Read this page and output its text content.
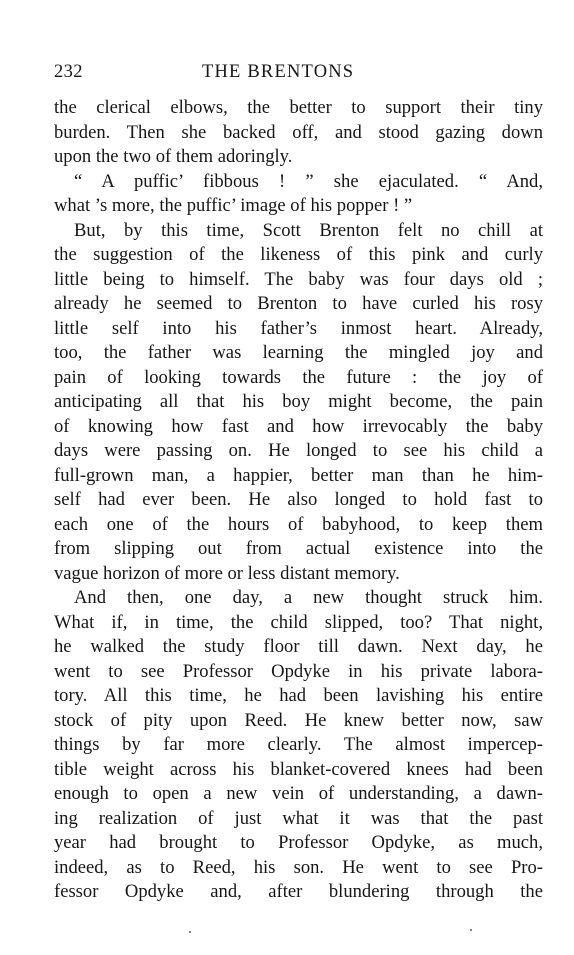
232	THE BRENTONS
the clerical elbows, the better to support their tiny
burden. Then she backed off, and stood gazing down
upon the two of them adoringly.
“ A puffic’ fibbous ! ” she ejaculated. “ And,
what ’s more, the puffic’ image of his popper ! ”
But, by this time, Scott Brenton felt no chill at
the suggestion of the likeness of this pink and curly
little being to himself. The baby was four days old ;
already he seemed to Brenton to have curled his rosy
little self into his father’s inmost heart. Already,
too, the father was learning the mingled joy and
pain of looking towards the future : the joy of
anticipating all that his boy might become, the pain
of knowing how fast and how irrevocably the baby
days were passing on. He longed to see his child a
full-grown man, a happier, better man than he him-
self had ever been. He also longed to hold fast to
each one of the hours of babyhood, to keep them
from slipping out from actual existence into the
vague horizon of more or less distant memory.
And then, one day, a new thought struck him.
What if, in time, the child slipped, too? That night,
he walked the study floor till dawn. Next day, he
went to see Professor Opdyke in his private labora-
tory. All this time, he had been lavishing his entire
stock of pity upon Reed. He knew better now, saw
things by far more clearly. The almost impercep-
tible weight across his blanket-covered knees had been
enough to open a new vein of understanding, a dawn-
ing realization of just what it was that the past
year had brought to Professor Opdyke, as much,
indeed, as to Reed, his son. He went to see Pro-
fessor Opdyke and, after blundering through the
